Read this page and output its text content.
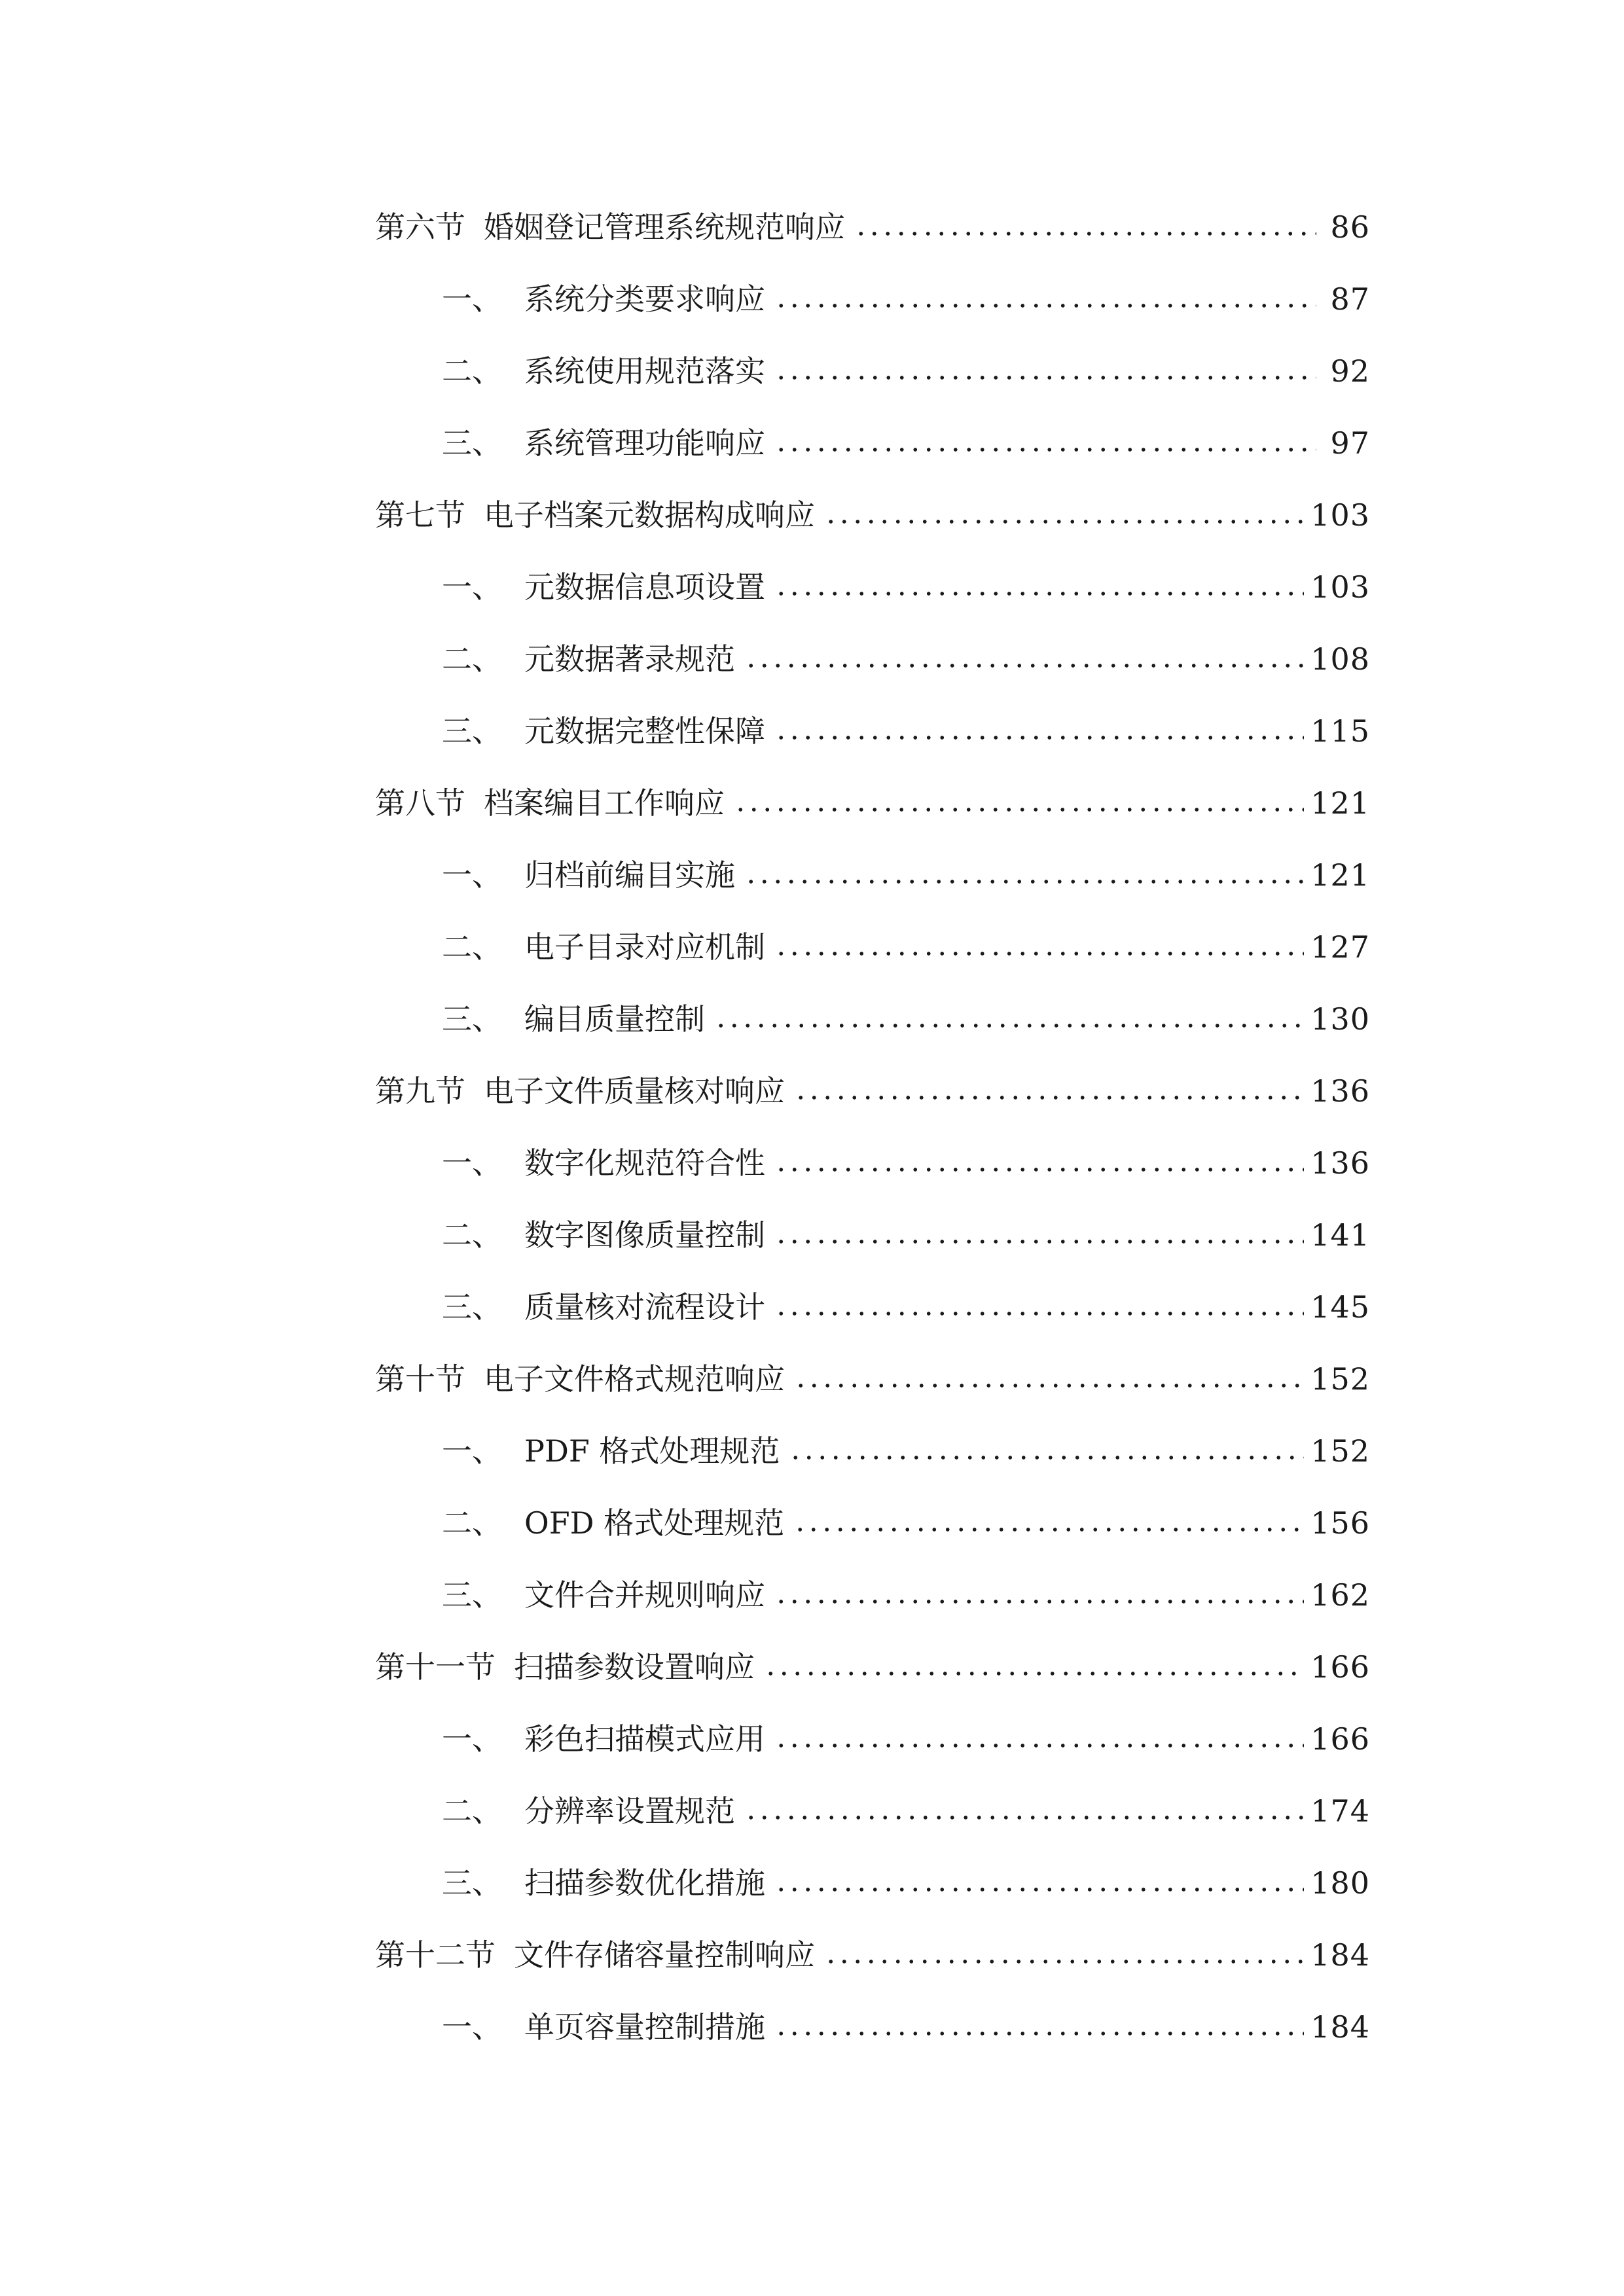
第六节 婚姻登记管理系统规范响应	86
一、 系统分类要求响应	87
二、 系统使用规范落实	92
三、 系统管理功能响应	97
第七节 电子档案元数据构成响应	103
一、 元数据信息项设置	103
二、 元数据著录规范	108
三、 元数据完整性保障	115
第八节 档案编目工作响应	121
一、 归档前编目实施	121
二、 电子目录对应机制	127
三、 编目质量控制	130
第九节 电子文件质量核对响应	136
一、 数字化规范符合性	136
二、 数字图像质量控制	141
三、 质量核对流程设计	145
第十节 电子文件格式规范响应	152
一、 PDF 格式处理规范	152
二、 OFD 格式处理规范	156
三、 文件合并规则响应	162
第十一节 扫描参数设置响应	166
一、 彩色扫描模式应用	166
二、 分辨率设置规范	174
三、 扫描参数优化措施	180
第十二节 文件存储容量控制响应	184
一、 单页容量控制措施	184
